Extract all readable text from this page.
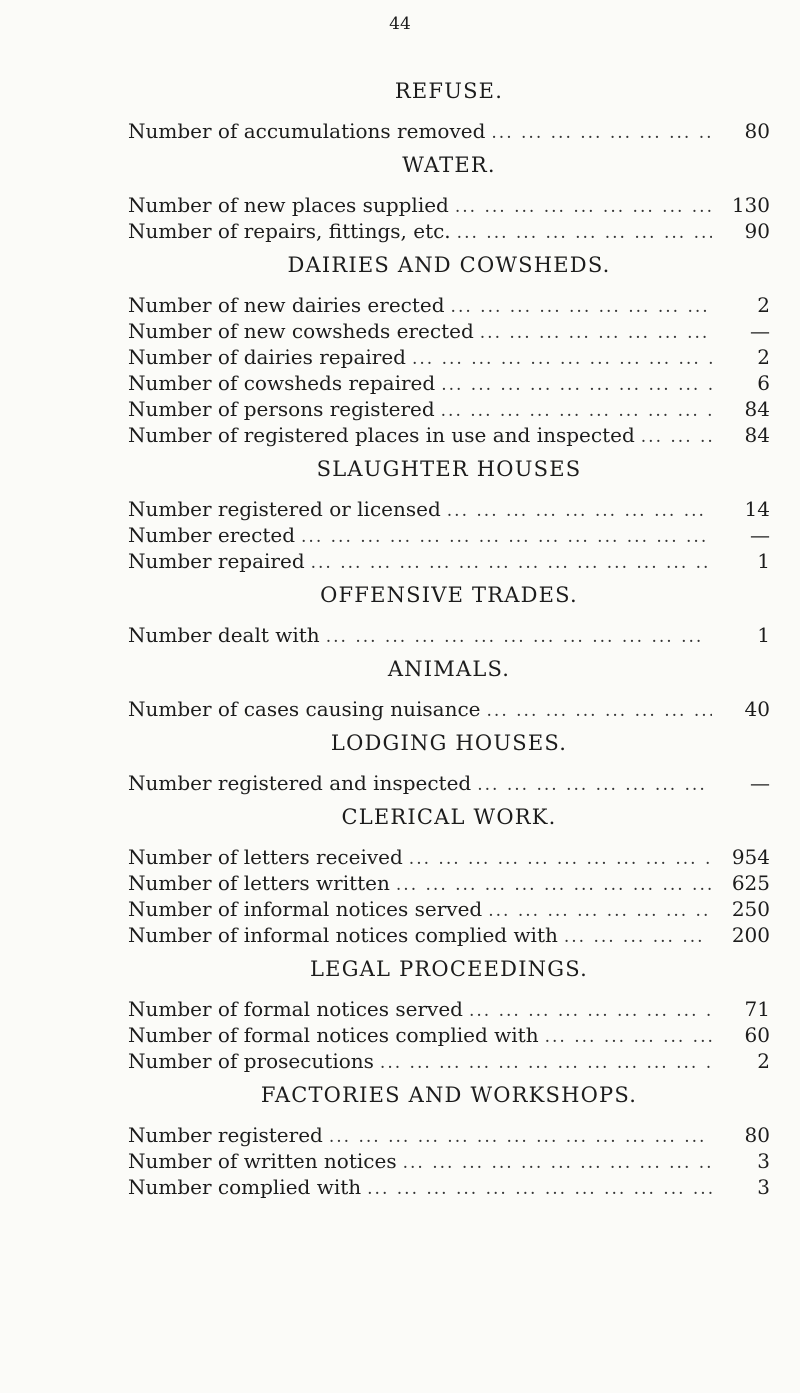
44
REFUSE.
Number of accumulations removed ... .	80
WATER.
Number of new places supplied ... .	130
Number of repairs, fittings, etc. ... .	90
DAIRIES AND COWSHEDS.
Number of new dairies erected ... .	2
Number of new cowsheds erected ... .	—
Number of dairies repaired ... .	2
Number of cowsheds repaired ... .	6
Number of persons registered ... .	84
Number of registered places in use and inspected ... .	84
SLAUGHTER HOUSES
Number registered or licensed ... .	14
Number erected ... .	—
Number repaired ... .	1
OFFENSIVE TRADES.
Number dealt with ... .	1
ANIMALS.
Number of cases causing nuisance ... .	40
LODGING HOUSES.
Number registered and inspected ... .	—
CLERICAL WORK.
Number of letters received ... .	954
Number of letters written ... .	625
Number of informal notices served ... .	250
Number of informal notices complied with ... .	200
LEGAL PROCEEDINGS.
Number of formal notices served ... .	71
Number of formal notices complied with ... .	60
Number of prosecutions ... .	2
FACTORIES AND WORKSHOPS.
Number registered ... .	80
Number of written notices ... .	3
Number complied with ... .	3
